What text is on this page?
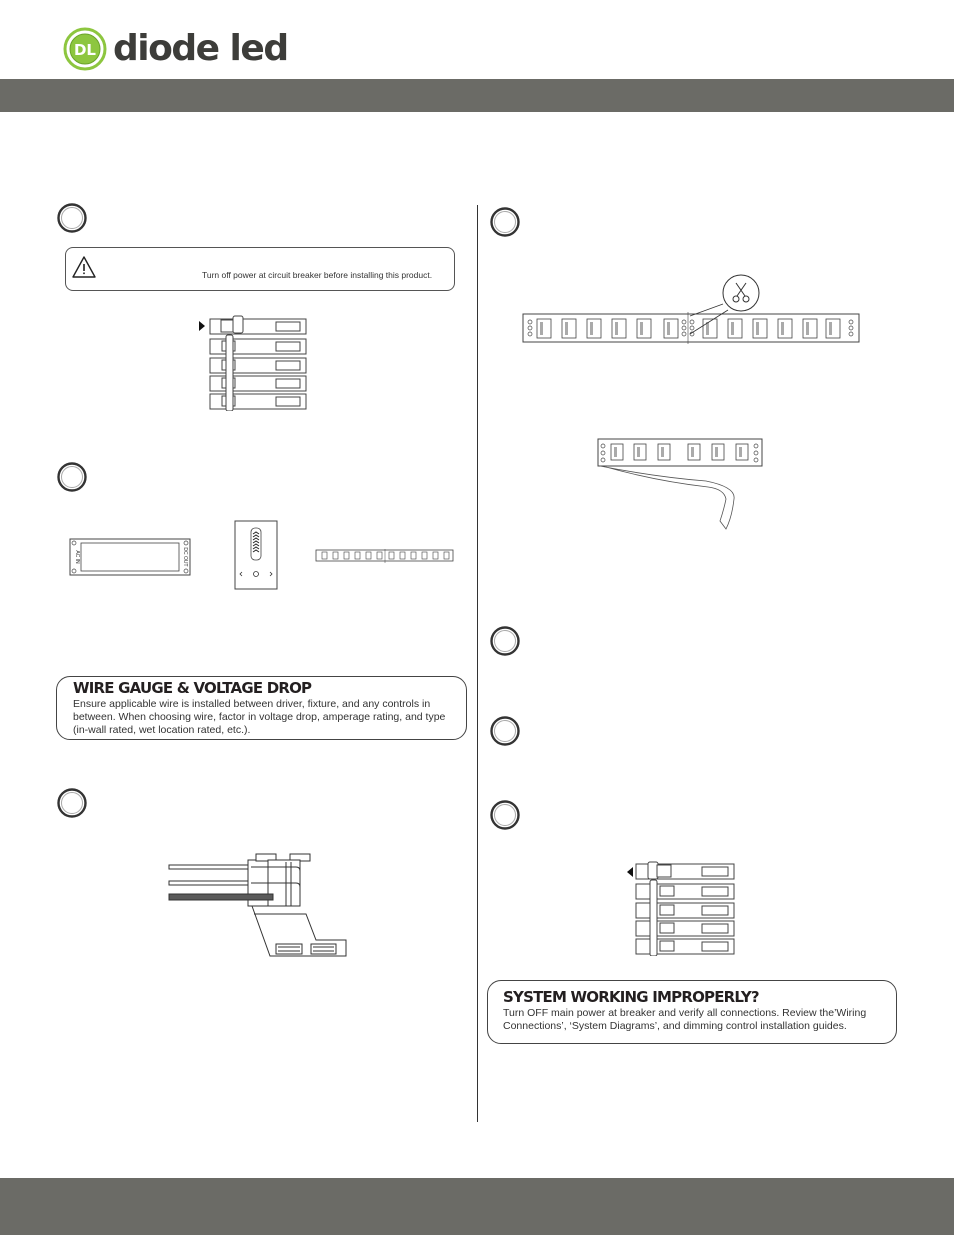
DL diode led
Turn off power at circuit breaker before installing this product.
AC IN	DC OUT
WIRE GAUGE & VOLTAGE DROP

Ensure applicable wire is installed between driver, fixture, and any controls in between. When choosing wire, factor in voltage drop, amperage rating, and type (in-wall rated, wet location rated, etc.).

SYSTEM WORKING IMPROPERLY?

Turn OFF main power at breaker and verify all connections. Review the’Wiring Connections’, ‘System Diagrams’, and dimming control installation guides.
